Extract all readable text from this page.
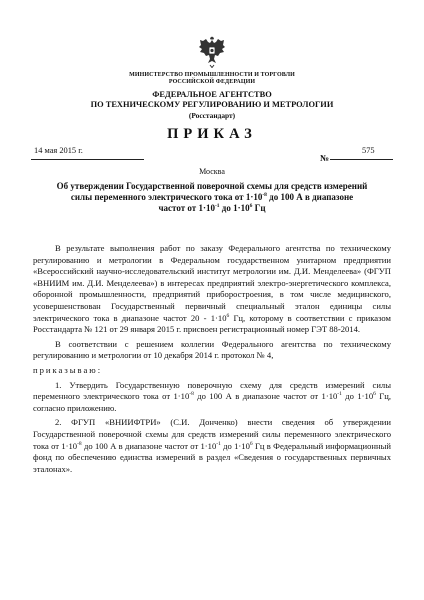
МИНИСТЕРСТВО ПРОМЫШЛЕННОСТИ И ТОРГОВЛИ
РОССИЙСКОЙ ФЕДЕРАЦИИ
ФЕДЕРАЛЬНОЕ АГЕНТСТВО
ПО ТЕХНИЧЕСКОМУ РЕГУЛИРОВАНИЮ И МЕТРОЛОГИИ
(Росстандарт)
ПРИКАЗ
14 мая 2015 г.
№
575
Москва
Об утверждении Государственной поверочной схемы для средств измерений
силы переменного электрического тока от $1\cdot 10^{-8}$ до 100 А в диапазоне
частот от $1\cdot 10^{-1}$ до $1\cdot 10^6$ Гц

В результате выполнения работ по заказу Федерального агентства по техническому регулированию и метрологии в Федеральном государственном унитарном предприятии «Всероссийский научно-исследовательский институт метрологии им. Д.И. Менделеева» (ФГУП «ВНИИМ им. Д.И. Менделеева») в интересах предприятий электро-энергетического комплекса, оборонной промышленности, предприятий приборостроения, в том числе медицинского, усовершенствован Государственный первичный специальный эталон единицы силы электрического тока в диапазоне частот $20 - 1\cdot 10^6$ Гц, которому в соответствии с приказом Росстандарта № 121 от 29 января 2015 г. присвоен регистрационный номер ГЭТ 88-2014.

В соответствии с решением коллегии Федерального агентства по техническому регулированию и метрологии от 10 декабря 2014 г. протокол № 4,

приказываю:

1. Утвердить Государственную поверочную схему для средств измерений силы переменного электрического тока от $1\cdot 10^{-8}$ до 100 А в диапазоне частот от $1\cdot 10^{-1}$ до $1\cdot 10^6$ Гц, согласно приложению.

2. ФГУП «ВНИИФТРИ» (С.И. Донченко) внести сведения об утверждении Государственной поверочной схемы для средств измерений силы переменного электрического тока от $1\cdot 10^{-8}$ до 100 А в диапазоне частот от $1\cdot 10^{-1}$ до $1\cdot 10^6$ Гц в Федеральный информационный фонд по обеспечению единства измерений в раздел «Сведения о государственных первичных эталонах».
